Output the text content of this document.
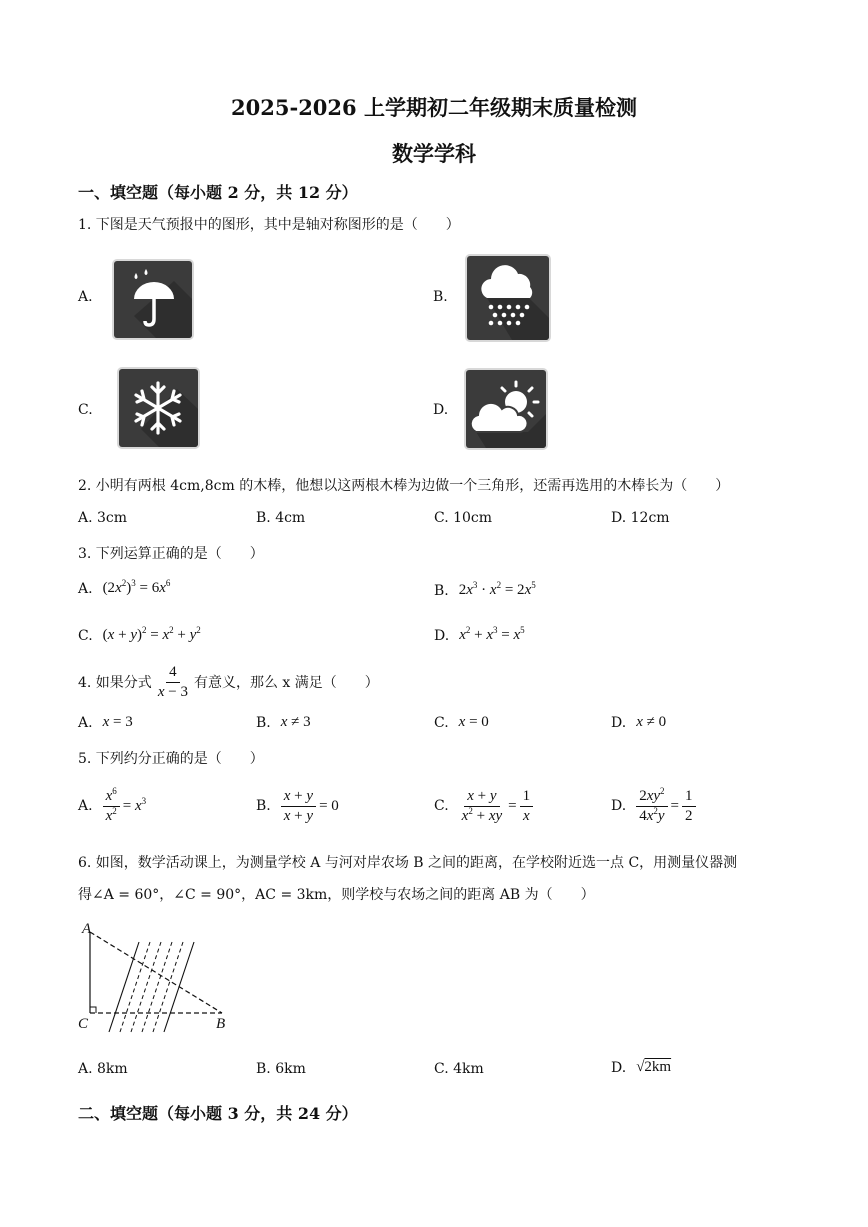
2025-2026 上学期初二年级期末质量检测
数学学科
一、填空题（每小题 2 分，共 12 分）
1. 下图是天气预报中的图形，其中是轴对称图形的是（　　）
A.	B.
C.	D.
2. 小明有两根 4cm,8cm 的木棒，他想以这两根木棒为边做一个三角形，还需再选用的木棒长为（　　）
A. 3cm	B. 4cm	C. 10cm	D. 12cm
3. 下列运算正确的是（　　）
A. $(2x^2)^3 = 6x^6$	B. $2x^3 \cdot x^2 = 2x^5$
C. $(x + y)^2 = x^2 + y^2$	D. $x^2 + x^3 = x^5$
4. 如果分式 $\frac{4}{x - 3}$ 有意义，那么 x 满足（　　）
A. x = 3	B. x ≠ 3	C. x = 0	D. x ≠ 0
5. 下列约分正确的是（　　）
A. $\frac{x^6}{x^2} = x^3$	B. $\frac{x + y}{x + y} = 0$	C. $\frac{x + y}{x^2 + xy} = \frac{1}{x}$	D. $\frac{2xy^2}{4x^2y} = \frac{1}{2}$
6. 如图，数学活动课上，为测量学校 A 与河对岸农场 B 之间的距离，在学校附近选一点 C，用测量仪器测
得∠A = 60°，∠C = 90°，AC = 3km，则学校与农场之间的距离 AB 为（　　）
A
C	B
A. 8km	B. 6km	C. 4km	D. √2km
二、填空题（每小题 3 分，共 24 分）
